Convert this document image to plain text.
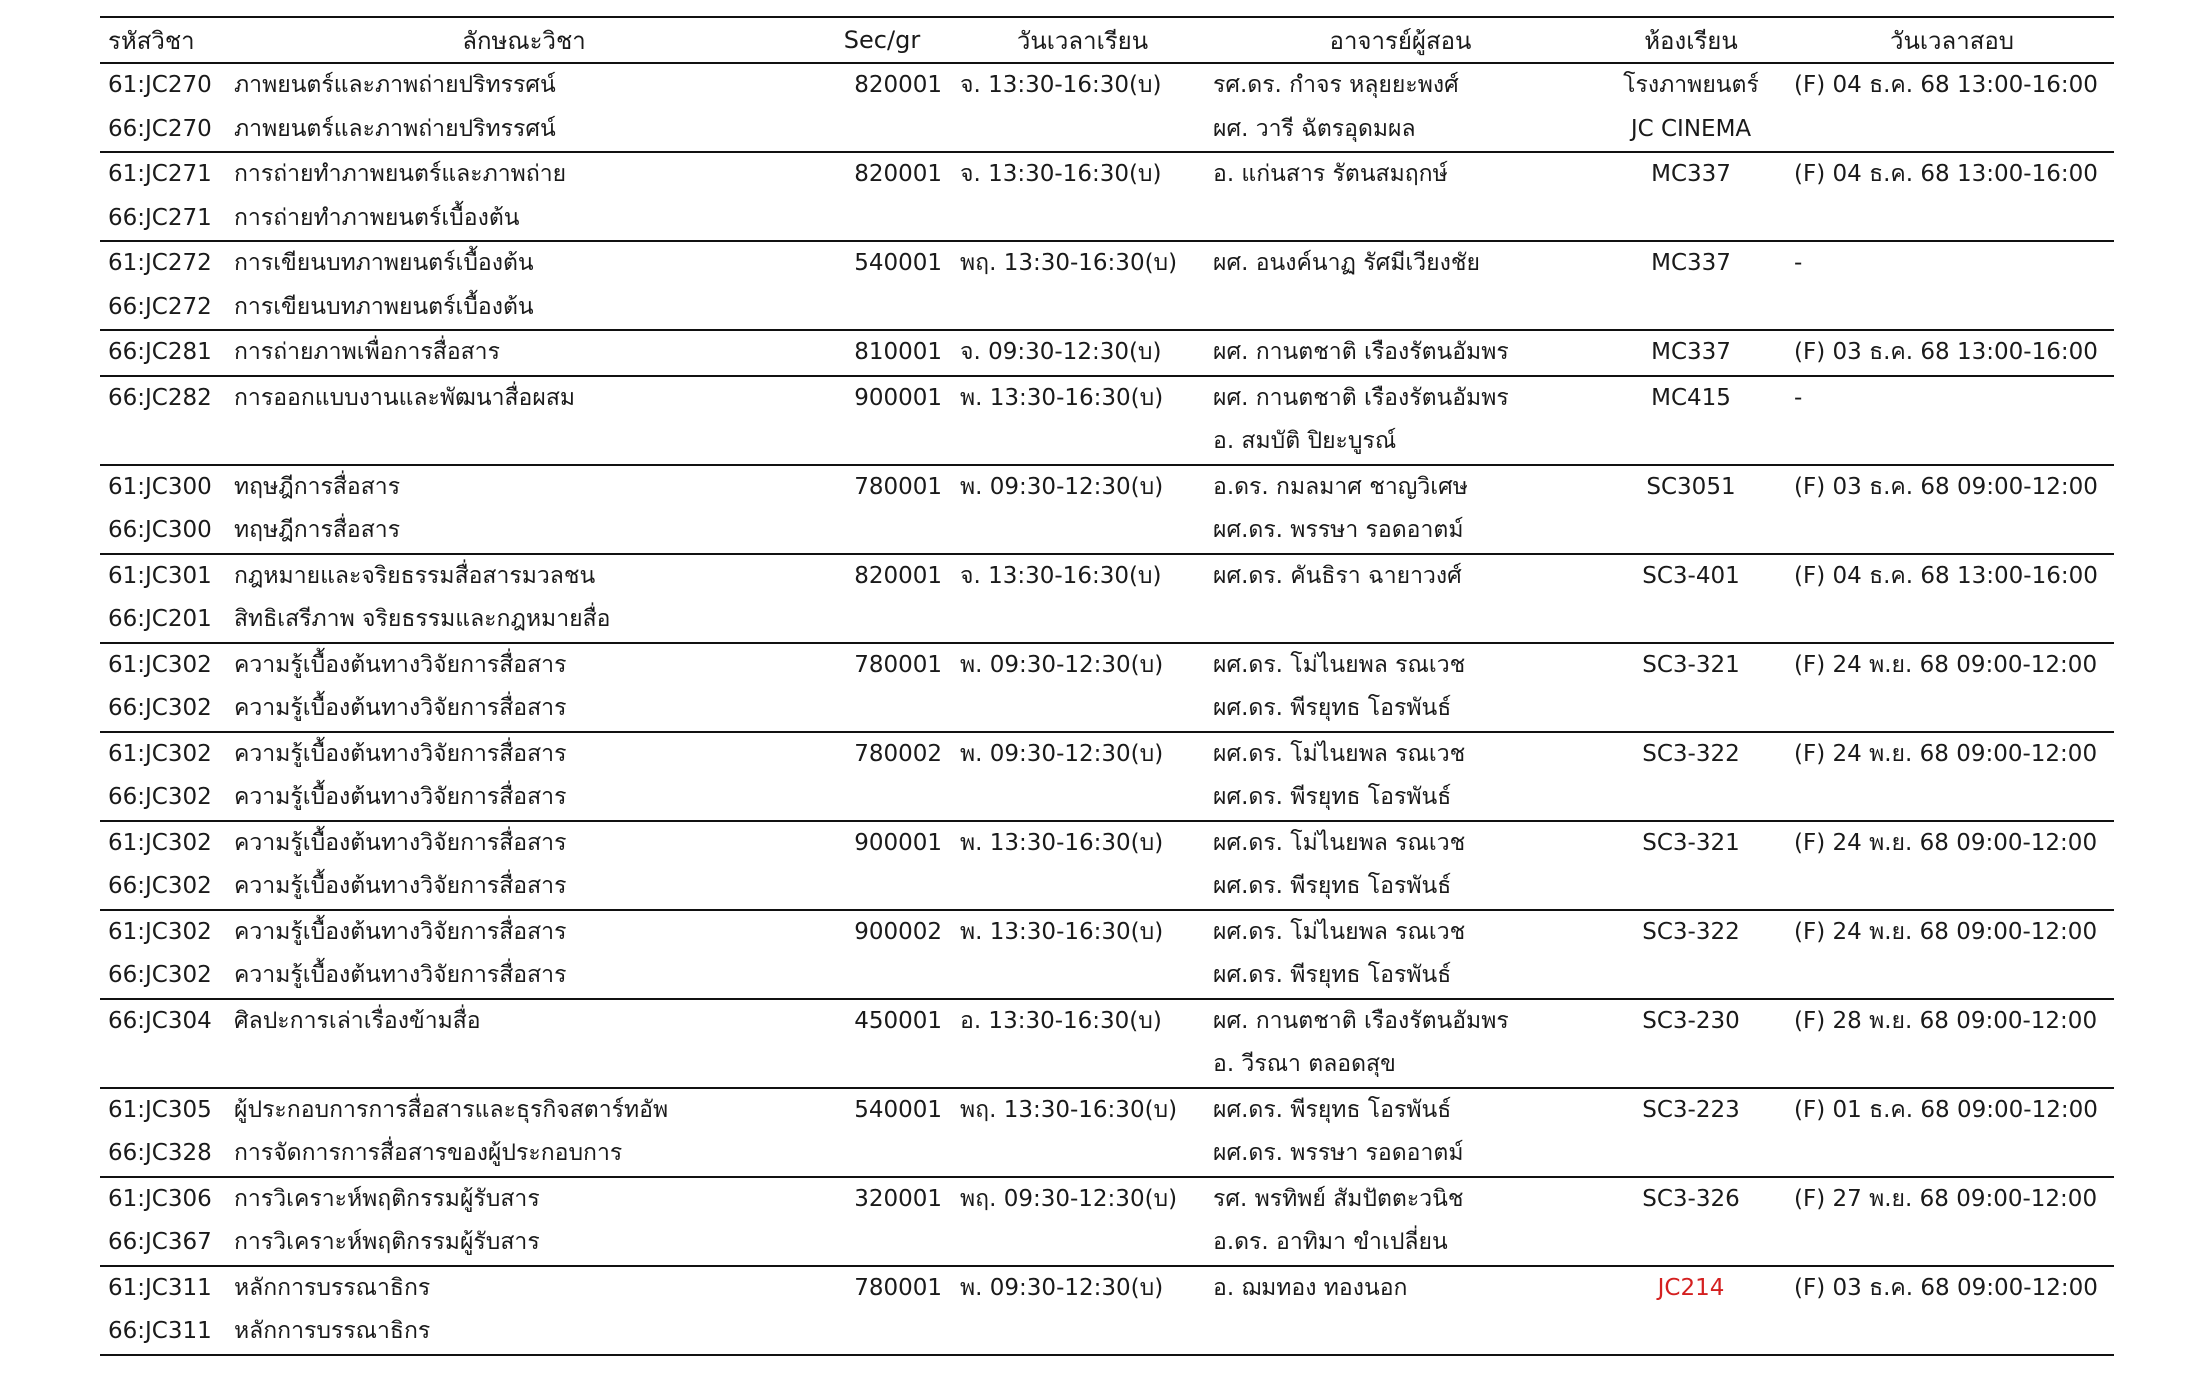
รหัสวิชา	ลักษณะวิชา	Sec/gr	วันเวลาเรียน	อาจารย์ผู้สอน	ห้องเรียน	วันเวลาสอบ
61:JC270	ภาพยนตร์และภาพถ่ายปริทรรศน์	820001	จ. 13:30-16:30(บ)	รศ.ดร. กำจร หลุยยะพงศ์	โรงภาพยนตร์	(F) 04 ธ.ค. 68 13:00-16:00
66:JC270	ภาพยนตร์และภาพถ่ายปริทรรศน์			ผศ. วารี ฉัตรอุดมผล	JC CINEMA	
61:JC271	การถ่ายทำภาพยนตร์และภาพถ่าย	820001	จ. 13:30-16:30(บ)	อ. แก่นสาร รัตนสมฤกษ์	MC337	(F) 04 ธ.ค. 68 13:00-16:00
66:JC271	การถ่ายทำภาพยนตร์เบื้องต้น					
61:JC272	การเขียนบทภาพยนตร์เบื้องต้น	540001	พฤ. 13:30-16:30(บ)	ผศ. อนงค์นาฏ รัศมีเวียงชัย	MC337	-
66:JC272	การเขียนบทภาพยนตร์เบื้องต้น					
66:JC281	การถ่ายภาพเพื่อการสื่อสาร	810001	จ. 09:30-12:30(บ)	ผศ. กานตชาติ เรืองรัตนอัมพร	MC337	(F) 03 ธ.ค. 68 13:00-16:00
66:JC282	การออกแบบงานและพัฒนาสื่อผสม	900001	พ. 13:30-16:30(บ)	ผศ. กานตชาติ เรืองรัตนอัมพร	MC415	-
				อ. สมบัติ ปิยะบูรณ์		
61:JC300	ทฤษฎีการสื่อสาร	780001	พ. 09:30-12:30(บ)	อ.ดร. กมลมาศ ชาญวิเศษ	SC3051	(F) 03 ธ.ค. 68 09:00-12:00
66:JC300	ทฤษฎีการสื่อสาร			ผศ.ดร. พรรษา รอดอาตม์		
61:JC301	กฎหมายและจริยธรรมสื่อสารมวลชน	820001	จ. 13:30-16:30(บ)	ผศ.ดร. คันธิรา ฉายาวงศ์	SC3-401	(F) 04 ธ.ค. 68 13:00-16:00
66:JC201	สิทธิเสรีภาพ จริยธรรมและกฎหมายสื่อ					
61:JC302	ความรู้เบื้องต้นทางวิจัยการสื่อสาร	780001	พ. 09:30-12:30(บ)	ผศ.ดร. โม่ไนยพล รณเวช	SC3-321	(F) 24 พ.ย. 68 09:00-12:00
66:JC302	ความรู้เบื้องต้นทางวิจัยการสื่อสาร			ผศ.ดร. พีรยุทธ โอรพันธ์		
61:JC302	ความรู้เบื้องต้นทางวิจัยการสื่อสาร	780002	พ. 09:30-12:30(บ)	ผศ.ดร. โม่ไนยพล รณเวช	SC3-322	(F) 24 พ.ย. 68 09:00-12:00
66:JC302	ความรู้เบื้องต้นทางวิจัยการสื่อสาร			ผศ.ดร. พีรยุทธ โอรพันธ์		
61:JC302	ความรู้เบื้องต้นทางวิจัยการสื่อสาร	900001	พ. 13:30-16:30(บ)	ผศ.ดร. โม่ไนยพล รณเวช	SC3-321	(F) 24 พ.ย. 68 09:00-12:00
66:JC302	ความรู้เบื้องต้นทางวิจัยการสื่อสาร			ผศ.ดร. พีรยุทธ โอรพันธ์		
61:JC302	ความรู้เบื้องต้นทางวิจัยการสื่อสาร	900002	พ. 13:30-16:30(บ)	ผศ.ดร. โม่ไนยพล รณเวช	SC3-322	(F) 24 พ.ย. 68 09:00-12:00
66:JC302	ความรู้เบื้องต้นทางวิจัยการสื่อสาร			ผศ.ดร. พีรยุทธ โอรพันธ์		
66:JC304	ศิลปะการเล่าเรื่องข้ามสื่อ	450001	อ. 13:30-16:30(บ)	ผศ. กานตชาติ เรืองรัตนอัมพร	SC3-230	(F) 28 พ.ย. 68 09:00-12:00
				อ. วีรณา ตลอดสุข		
61:JC305	ผู้ประกอบการการสื่อสารและธุรกิจสตาร์ทอัพ	540001	พฤ. 13:30-16:30(บ)	ผศ.ดร. พีรยุทธ โอรพันธ์	SC3-223	(F) 01 ธ.ค. 68 09:00-12:00
66:JC328	การจัดการการสื่อสารของผู้ประกอบการ			ผศ.ดร. พรรษา รอดอาตม์		
61:JC306	การวิเคราะห์พฤติกรรมผู้รับสาร	320001	พฤ. 09:30-12:30(บ)	รศ. พรทิพย์ สัมปัตตะวนิช	SC3-326	(F) 27 พ.ย. 68 09:00-12:00
66:JC367	การวิเคราะห์พฤติกรรมผู้รับสาร			อ.ดร. อาทิมา ขำเปลี่ยน		
61:JC311	หลักการบรรณาธิกร	780001	พ. 09:30-12:30(บ)	อ. ฌมทอง ทองนอก	JC214	(F) 03 ธ.ค. 68 09:00-12:00
66:JC311	หลักการบรรณาธิกร					
